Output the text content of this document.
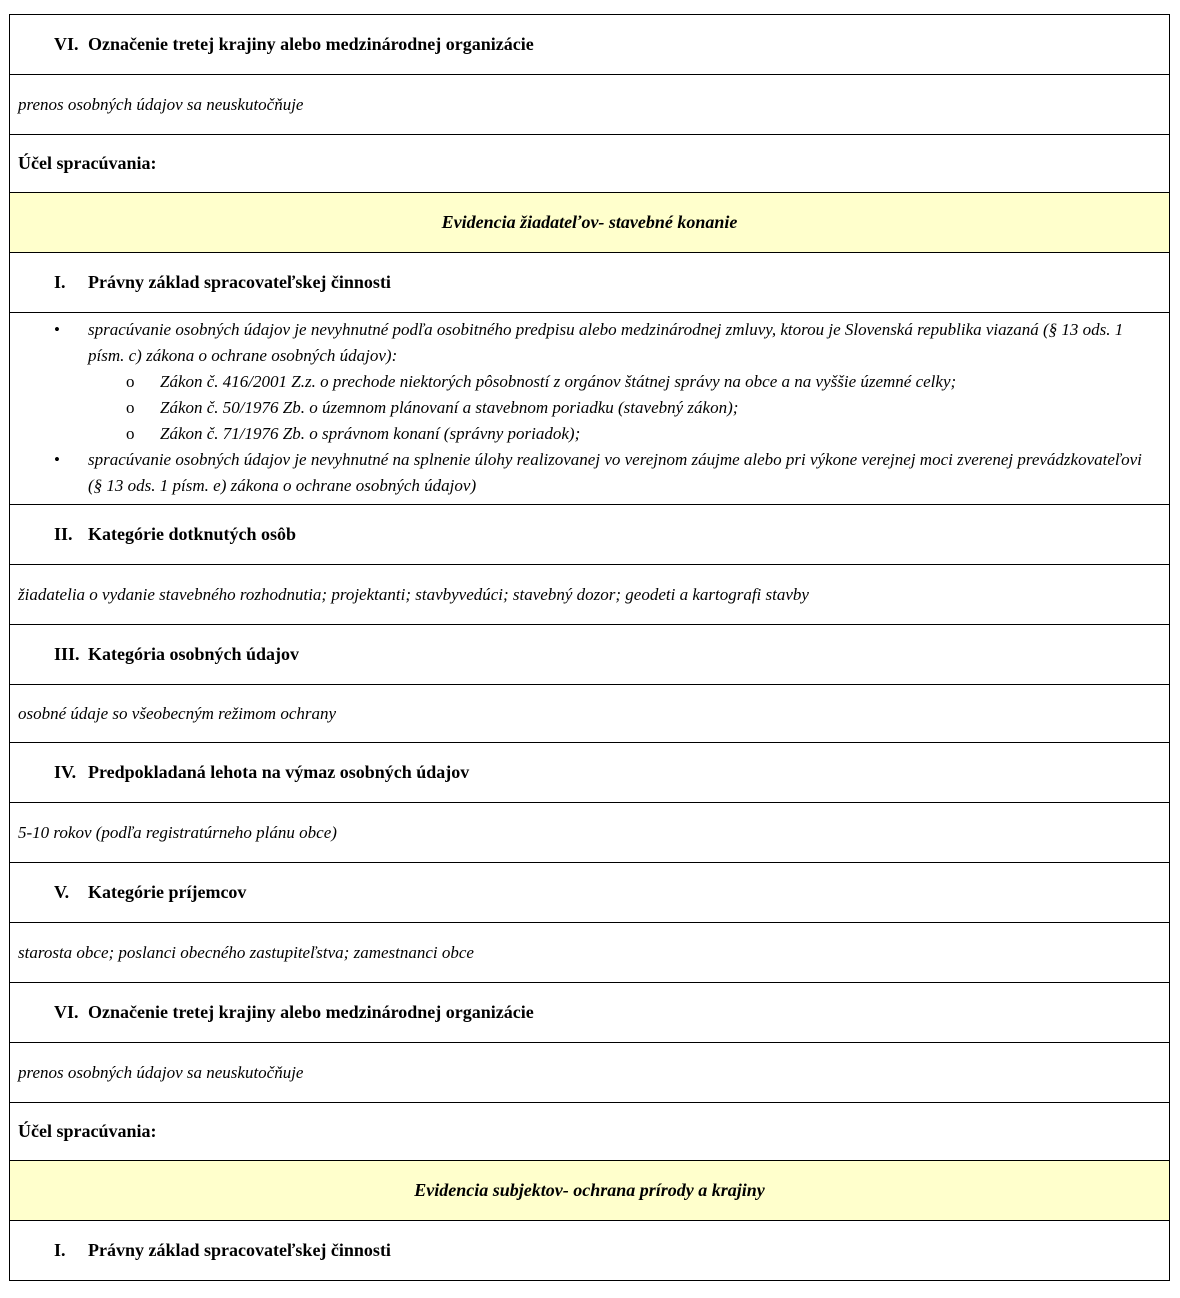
VI. Označenie tretej krajiny alebo medzinárodnej organizácie
prenos osobných údajov sa neuskutočňuje
Účel spracúvania:
Evidencia žiadateľov- stavebné konanie
I.	Právny základ spracovateľskej činnosti
• spracúvanie osobných údajov je nevyhnutné podľa osobitného predpisu alebo medzinárodnej zmluvy, ktorou je Slovenská republika viazaná (§ 13 ods. 1 písm. c) zákona o ochrane osobných údajov):
o Zákon č. 416/2001 Z.z. o prechode niektorých pôsobností z orgánov štátnej správy na obce a na vyššie územné celky;
o Zákon č. 50/1976 Zb. o územnom plánovaní a stavebnom poriadku (stavebný zákon);
o Zákon č. 71/1976 Zb. o správnom konaní (správny poriadok);
• spracúvanie osobných údajov je nevyhnutné na splnenie úlohy realizovanej vo verejnom záujme alebo pri výkone verejnej moci zverenej prevádzkovateľovi (§ 13 ods. 1 písm. e) zákona o ochrane osobných údajov)
II. Kategórie dotknutých osôb
žiadatelia o vydanie stavebného rozhodnutia; projektanti; stavbyvedúci; stavebný dozor; geodeti a kartografi stavby
III. Kategória osobných údajov
osobné údaje so všeobecným režimom ochrany
IV. Predpokladaná lehota na výmaz osobných údajov
5-10 rokov (podľa registratúrneho plánu obce)
V.	Kategórie príjemcov
starosta obce; poslanci obecného zastupiteľstva; zamestnanci obce
VI. Označenie tretej krajiny alebo medzinárodnej organizácie
prenos osobných údajov sa neuskutočňuje
Účel spracúvania:
Evidencia subjektov- ochrana prírody a krajiny
I.	Právny základ spracovateľskej činnosti
